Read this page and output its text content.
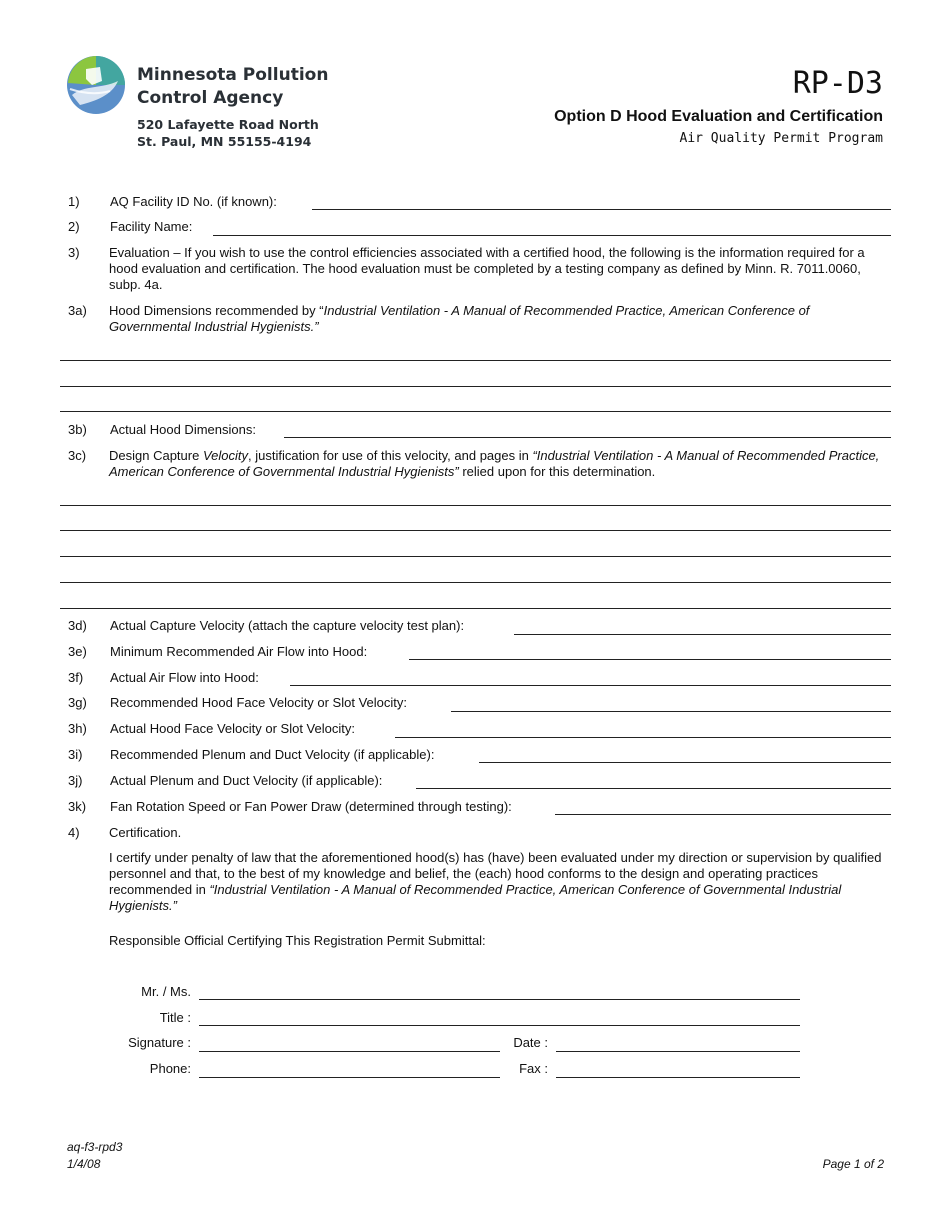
Minnesota Pollution
Control Agency
520 Lafayette Road North
St. Paul, MN 55155-4194
RP-D3
Option D Hood Evaluation and Certification
Air Quality Permit Program
1) AQ Facility ID No. (if known):
2) Facility Name:
3) Evaluation – If you wish to use the control efficiencies associated with a certified hood, the following is the information required for a hood evaluation and certification. The hood evaluation must be completed by a testing company as defined by Minn. R. 7011.0060, subp. 4a.
3a) Hood Dimensions recommended by “Industrial Ventilation - A Manual of Recommended Practice, American Conference of Governmental Industrial Hygienists.”
3b) Actual Hood Dimensions:
3c) Design Capture Velocity, justification for use of this velocity, and pages in “Industrial Ventilation - A Manual of Recommended Practice, American Conference of Governmental Industrial Hygienists” relied upon for this determination.
3d) Actual Capture Velocity (attach the capture velocity test plan):
3e) Minimum Recommended Air Flow into Hood:
3f) Actual Air Flow into Hood:
3g) Recommended Hood Face Velocity or Slot Velocity:
3h) Actual Hood Face Velocity or Slot Velocity:
3i) Recommended Plenum and Duct Velocity (if applicable):
3j) Actual Plenum and Duct Velocity (if applicable):
3k) Fan Rotation Speed or Fan Power Draw (determined through testing):
4) Certification.
I certify under penalty of law that the aforementioned hood(s) has (have) been evaluated under my direction or supervision by qualified personnel and that, to the best of my knowledge and belief, the (each) hood conforms to the design and operating practices recommended in “Industrial Ventilation - A Manual of Recommended Practice, American Conference of Governmental Industrial Hygienists.”
Responsible Official Certifying This Registration Permit Submittal:
Mr. / Ms.
Title :
Signature :	Date :
Phone:	Fax :
aq-f3-rpd3
1/4/08	Page 1 of 2
